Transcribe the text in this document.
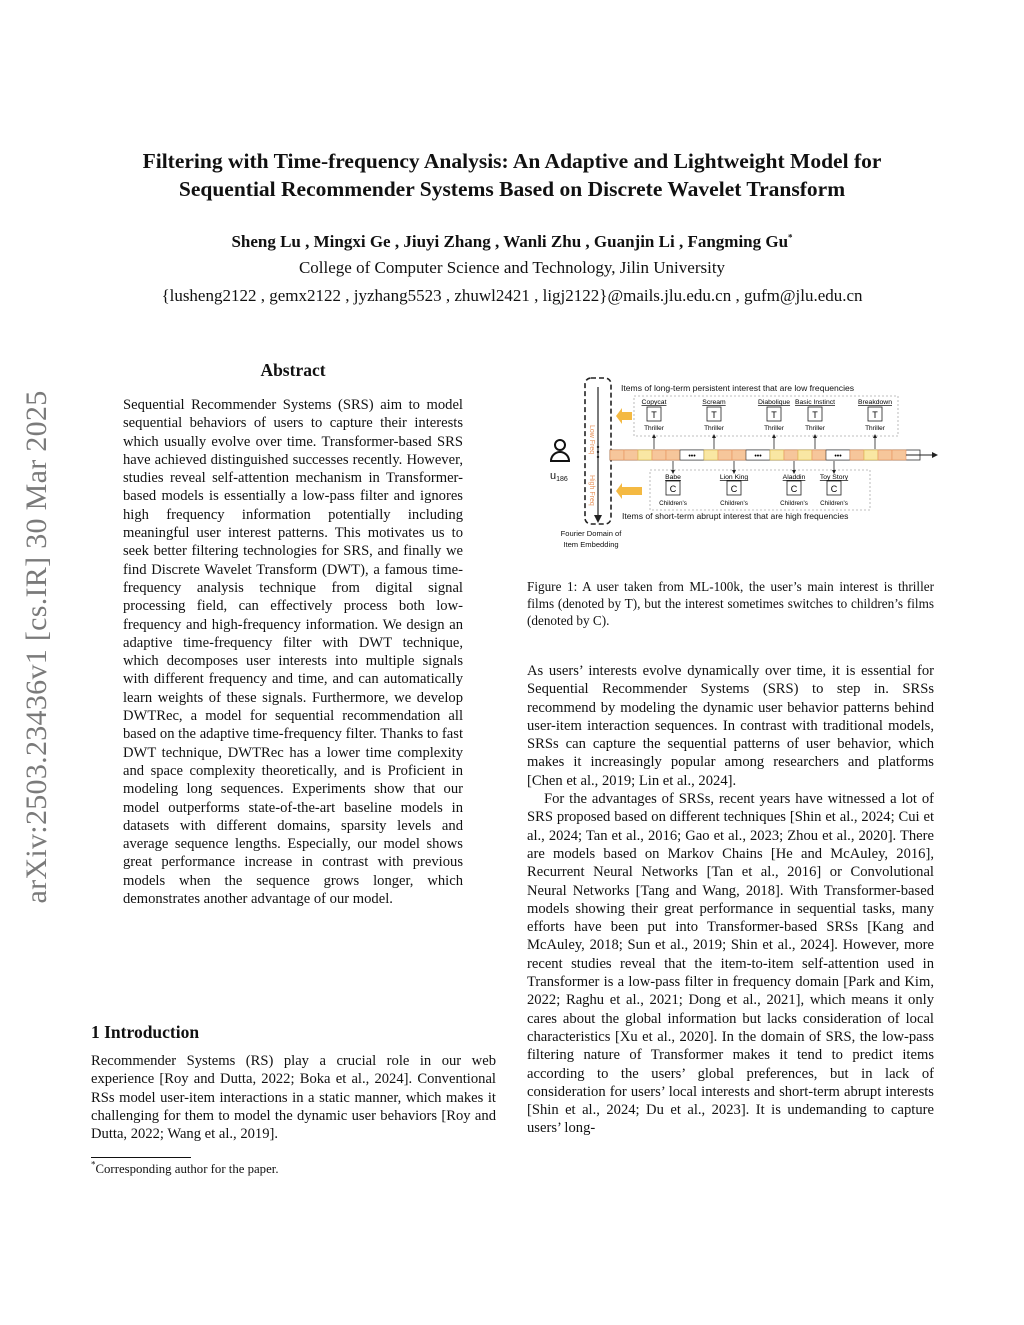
Filtering with Time-frequency Analysis: An Adaptive and Lightweight Model for
Sequential Recommender Systems Based on Discrete Wavelet Transform
Sheng Lu , Mingxi Ge , Jiuyi Zhang , Wanli Zhu , Guanjin Li , Fangming Gu*
College of Computer Science and Technology, Jilin University
{lusheng2122 , gemx2122 , jyzhang5523 , zhuwl2421 , ligj2122}@mails.jlu.edu.cn , gufm@jlu.edu.cn
arXiv:2503.23436v1 [cs.IR] 30 Mar 2025
Abstract
Sequential Recommender Systems (SRS) aim to model sequential behaviors of users to capture their interests which usually evolve over time. Transformer-based SRS have achieved distinguished successes recently. However, studies reveal self-attention mechanism in Transformer-based models is essentially a low-pass filter and ignores high frequency information potentially including meaningful user interest patterns. This motivates us to seek better filtering technologies for SRS, and finally we find Discrete Wavelet Transform (DWT), a famous time-frequency analysis technique from digital signal processing field, can effectively process both low-frequency and high-frequency information. We design an adaptive time-frequency filter with DWT technique, which decomposes user interests into multiple signals with different frequency and time, and can automatically learn weights of these signals. Furthermore, we develop DWTRec, a model for sequential recommendation all based on the adaptive time-frequency filter. Thanks to fast DWT technique, DWTRec has a lower time complexity and space complexity theoretically, and is Proficient in modeling long sequences. Experiments show that our model outperforms state-of-the-art baseline models in datasets with different domains, sparsity levels and average sequence lengths. Especially, our model shows great performance increase in contrast with previous models when the sequence grows longer, which demonstrates another advantage of our model.
1 Introduction
Recommender Systems (RS) play a crucial role in our web experience [Roy and Dutta, 2022; Boka et al., 2024]. Conventional RSs model user-item interactions in a static manner, which makes it challenging for them to model the dynamic user behaviors [Roy and Dutta, 2022; Wang et al., 2019].
*Corresponding author for the paper.
Low Freq
High Freq
u186
Items of long-term persistent interest that are low frequencies
Items of short-term abrupt interest that are high frequencies
Fourier Domain of
Item Embedding
•••	•••	•••
Copycat
T
Thriller
Scream
T
Thriller
Diabolique
T
Thriller
Basic Instinct
T
Thriller
Breakdown
T
Thriller
Babe
C
Children's
Lion King
C
Children's
Aladdin
C
Children's
Toy Story
C
Children's
Figure 1: A user taken from ML-100k, the user’s main interest is thriller films (denoted by T), but the interest sometimes switches to children’s films (denoted by C).

As users’ interests evolve dynamically over time, it is essential for Sequential Recommender Systems (SRS) to step in. SRSs recommend by modeling the dynamic user behavior patterns behind user-item interaction sequences. In contrast with traditional models, SRSs can capture the sequential patterns of user behavior, which makes it increasingly popular among researchers and platforms [Chen et al., 2019; Lin et al., 2024].

For the advantages of SRSs, recent years have witnessed a lot of SRS proposed based on different techniques [Shin et al., 2024; Cui et al., 2024; Tan et al., 2016; Gao et al., 2023; Zhou et al., 2020]. There are models based on Markov Chains [He and McAuley, 2016], Recurrent Neural Networks [Tan et al., 2016] or Convolutional Neural Networks [Tang and Wang, 2018]. With Transformer-based models showing their great performance in sequential tasks, many efforts have been put into Transformer-based SRSs [Kang and McAuley, 2018; Sun et al., 2019; Shin et al., 2024]. However, more recent studies reveal that the item-to-item self-attention used in Transformer is a low-pass filter in frequency domain [Park and Kim, 2022; Raghu et al., 2021; Dong et al., 2021], which means it only cares about the global information but lacks consideration of local characteristics [Xu et al., 2020]. In the domain of SRS, the low-pass filtering nature of Transformer makes it tend to predict items according to the users’ global preferences, but in lack of consideration for users’ local interests and short-term abrupt interests [Shin et al., 2024; Du et al., 2023]. It is undemanding to capture users’ long-
